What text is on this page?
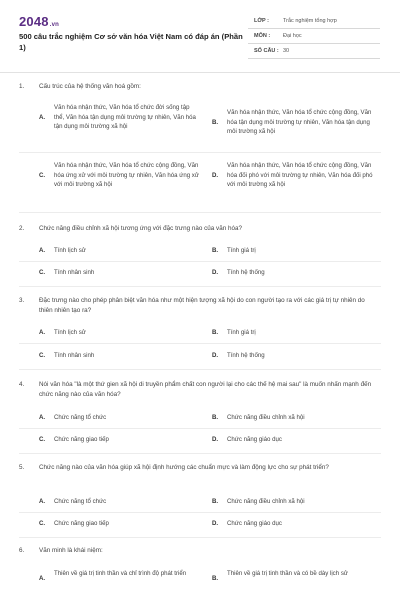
2048.vn
500 câu trắc nghiệm Cơ sở văn hóa Việt Nam có đáp án (Phần 1)
LỚP :	Trắc nghiệm tổng hợp
MÔN : Đại học
SỐ CÂU : 30
1. Cấu trúc của hệ thống văn hoá gồm:
A.
Văn hóa nhận thức, Văn hóa tổ chức đời sống tập thể, Văn hóa tận dụng môi trường tự nhiên, Văn hóa tận dụng môi trường xã hội
B.
Văn hóa nhận thức, Văn hóa tổ chức cộng đồng, Văn hóa tận dụng môi trường tự nhiên, Văn hóa tận dụng môi trường xã hội
C.
Văn hóa nhận thức, Văn hóa tổ chức cộng đồng, Văn hóa ứng xử với môi trường tự nhiên, Văn hóa ứng xử với môi trường xã hội
D.
Văn hóa nhận thức, Văn hóa tổ chức cộng đồng, Văn hóa đối phó với môi trường tự nhiên, Văn hóa đối phó với môi trường xã hội
2. Chức năng điều chỉnh xã hội tương ứng với đặc trưng nào của văn hóa?
A. Tính lịch sử	B. Tính giá trị
C. Tính nhân sinh	D. Tính hệ thống
3. Đặc trưng nào cho phép phân biệt văn hóa như một hiện tượng xã hội do con người tạo ra với các giá trị tự nhiên do thiên nhiên tạo ra?
A. Tính lịch sử	B. Tính giá trị
C. Tính nhân sinh	D. Tính hệ thống
4. Nói văn hóa "là một thứ gien xã hội di truyền phẩm chất con người lại cho các thế hệ mai sau" là muốn nhấn mạnh đến chức năng nào của văn hóa?
A. Chức năng tổ chức	B. Chức năng điều chỉnh xã hội
C. Chức năng giao tiếp	D. Chức năng giáo dục
5. Chức năng nào của văn hóa giúp xã hội định hướng các chuẩn mực và làm động lực cho sự phát triển?
A. Chức năng tổ chức	B. Chức năng điều chỉnh xã hội
C. Chức năng giao tiếp	D. Chức năng giáo dục
6. Văn minh là khái niệm:
A.
Thiên về giá trị tinh thần và chỉ trình độ phát triển
B.
Thiên về giá trị tinh thần và có bề dày lịch sử
